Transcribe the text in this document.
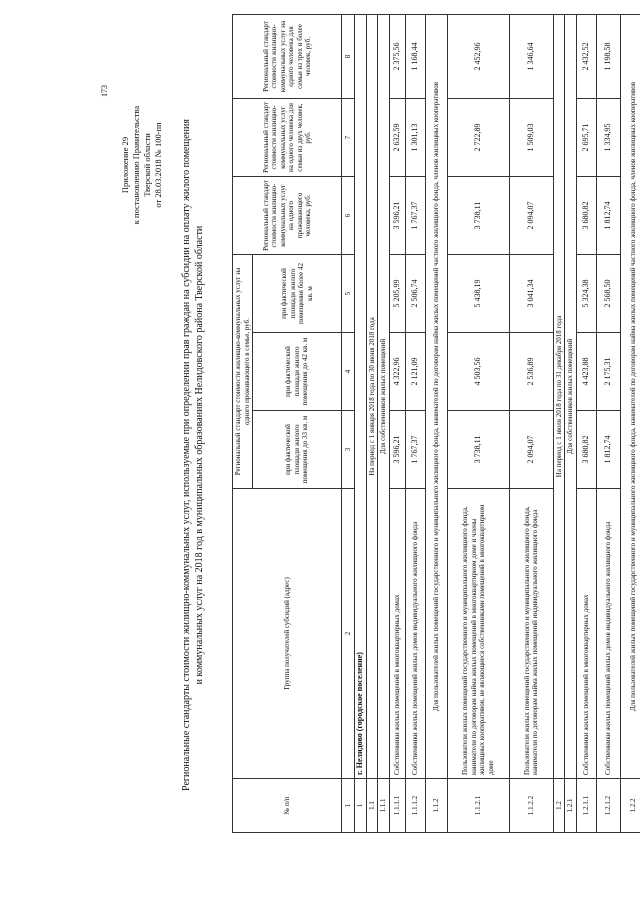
173
Приложение 29 к постановлению Правительства Тверской области от 28.03.2018 № 100-пп Региональные стандарты стоимости жилищно-коммунальных услуг, используемые при определении прав граждан на субсидии на оплату жилого помещения и коммунальных услуг на 2018 год в муниципальных образованиях Нелидовского района Тверской области
№ п/п	Группа получателей субсидий (адрес)	Региональный стандарт стоимости жилищно-коммунальных услуг на одного проживающего в семье, руб.			Региональный стандарт стоимости жилищно-коммунальных услуг на одного проживающего человека, руб.	Региональный стандарт стоимости жилищно-коммунальных услуг на одного человека для семьи из двух человек, руб.	Региональный стандарт стоимости жилищно-коммунальных услуг на одного человека для семьи из трех и более человек, руб.
		при фактической площади жилого помещения до 33 кв. м	при фактической площади жилого помещения до 42 кв. м	при фактической площади жилого помещения более 42 кв. м			
1	2	3	4	5	6	7	8
1	г. Нелидово (городское поселение)						
1.1	На период с 1 января 2018 года по 30 июня 2018 года						
1.1.1	Для собственников жилых помещений						
1.1.1.1	Собственники жилых помещений в многоквартирных домах	3 596,21	4 322,96	5 205,99	3 596,21	2 632,59	2 375,56
1.1.1.2	Собственники жилых помещений жилых домов индивидуального жилищного фонда	1 767,37	2 121,09	2 506,74	1 767,37	1 301,13	1 168,44
1.1.2	Для пользователей жилых помещений государственного и муниципального жилищного фонда, нанимателей по договорам найма жилых помещений частного жилищного фонда, членов жилищных кооперативов						
1.1.2.1	Пользователи жилых помещений государственного и муниципального жилищного фонда, наниматели по договорам найма жилых помещений в многоквартирном доме и члены жилищных кооперативов, не являющиеся собственниками помещений в многоквартирном доме	3 738,11	4 503,56	5 438,19	3 738,11	2 722,89	2 452,96
1.1.2.2	Пользователи жилых помещений государственного и муниципального жилищного фонда, наниматели по договорам найма жилых помещений индивидуального жилищного фонда	2 094,07	2 536,89	3 041,34	2 094,07	1 509,03	1 346,64
1.2	На период с 1 июля 2018 года по 31 декабря 2018 года						
1.2.1	Для собственников жилых помещений						
1.2.1.1	Собственники жилых помещений в многоквартирных домах	3 680,82	4 423,88	5 324,38	3 680,82	2 695,71	2 432,52
1.2.1.2	Собственники жилых помещений жилых домов индивидуального жилищного фонда	1 812,74	2 175,31	2 568,50	1 812,74	1 334,95	1 198,58
1.2.2	Для пользователей жилых помещений государственного и муниципального жилищного фонда, нанимателей по договорам найма жилых помещений частного жилищного фонда, членов жилищных кооперативов						
